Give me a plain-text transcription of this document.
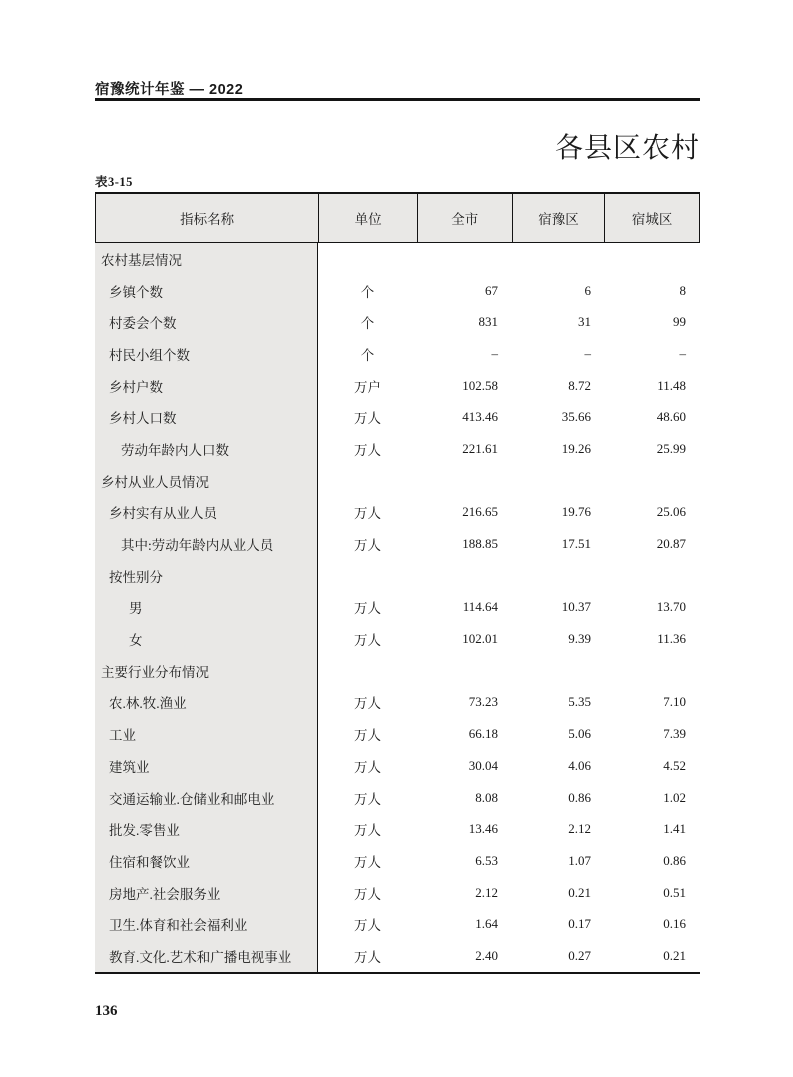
宿豫统计年鉴 — 2022
各县区农村
表3-15
指标名称	单位	全市	宿豫区	宿城区
农村基层情况
乡镇个数	个	67	6	8
村委会个数	个	831	31	99
村民小组个数	个	–	–	–
乡村户数	万户	102.58	8.72	11.48
乡村人口数	万人	413.46	35.66	48.60
劳动年龄内人口数	万人	221.61	19.26	25.99
乡村从业人员情况
乡村实有从业人员	万人	216.65	19.76	25.06
其中:劳动年龄内从业人员	万人	188.85	17.51	20.87
按性别分
男	万人	114.64	10.37	13.70
女	万人	102.01	9.39	11.36
主要行业分布情况
农.林.牧.渔业	万人	73.23	5.35	7.10
工业	万人	66.18	5.06	7.39
建筑业	万人	30.04	4.06	4.52
交通运输业.仓储业和邮电业	万人	8.08	0.86	1.02
批发.零售业	万人	13.46	2.12	1.41
住宿和餐饮业	万人	6.53	1.07	0.86
房地产.社会服务业	万人	2.12	0.21	0.51
卫生.体育和社会福利业	万人	1.64	0.17	0.16
教育.文化.艺术和广播电视事业	万人	2.40	0.27	0.21
136
